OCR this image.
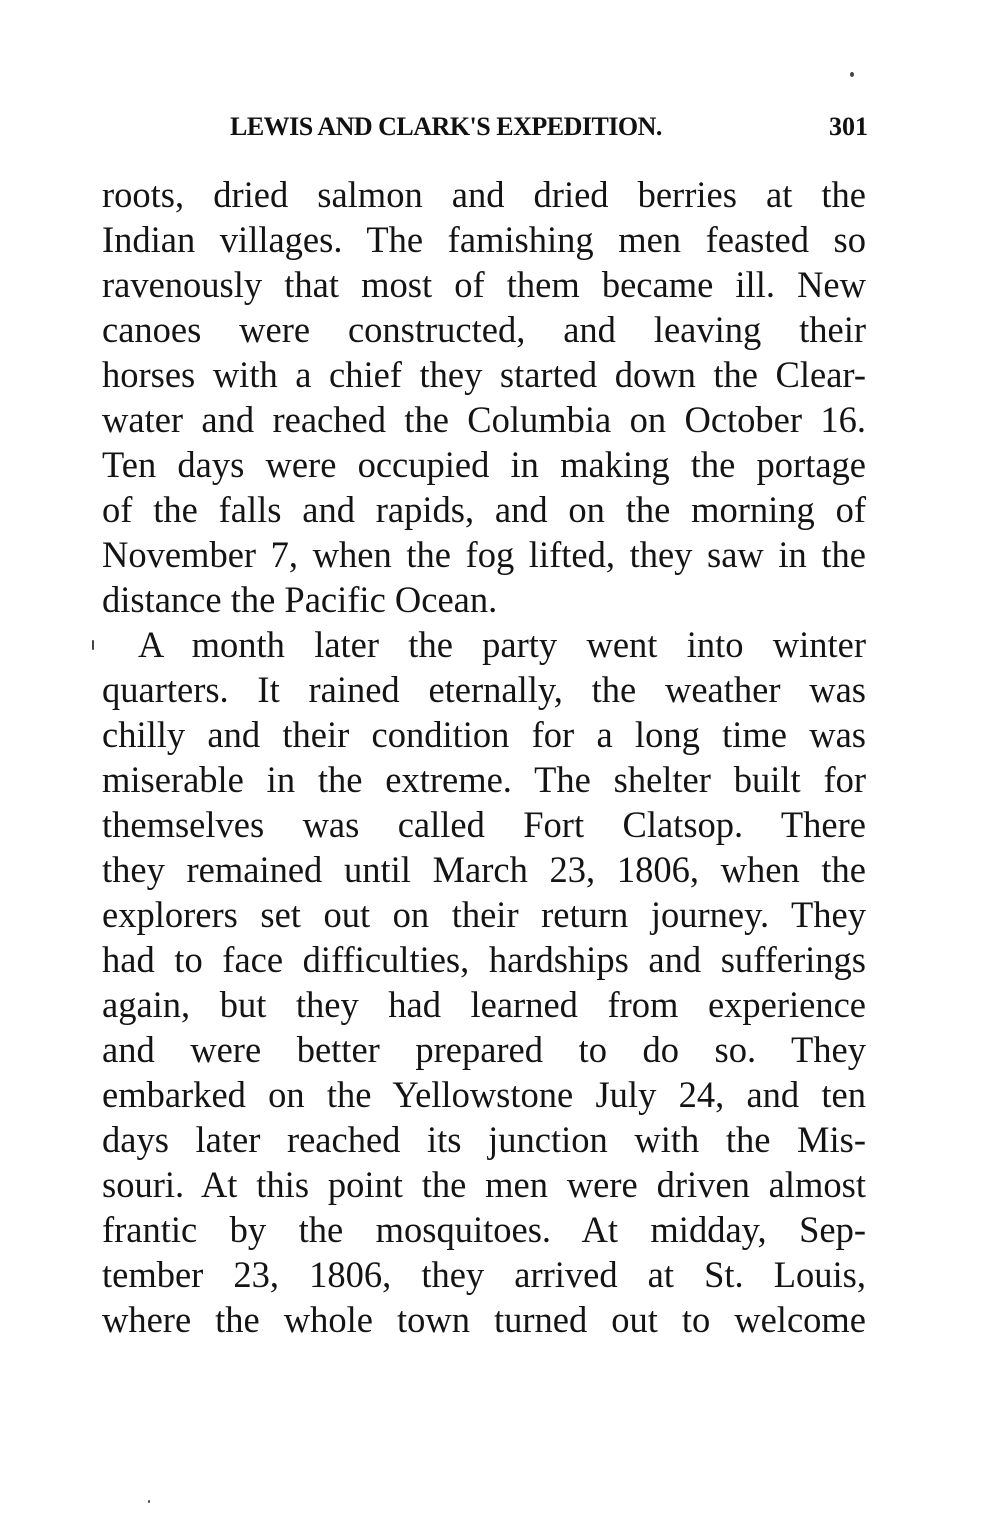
LEWIS AND CLARK'S EXPEDITION.	301
roots, dried salmon and dried berries at the
Indian villages. The famishing men feasted so
ravenously that most of them became ill. New
canoes were constructed, and leaving their
horses with a chief they started down the Clear-
water and reached the Columbia on October 16.
Ten days were occupied in making the portage
of the falls and rapids, and on the morning of
November 7, when the fog lifted, they saw in the
distance the Pacific Ocean.
A month later the party went into winter
quarters. It rained eternally, the weather was
chilly and their condition for a long time was
miserable in the extreme. The shelter built for
themselves was called Fort Clatsop. There
they remained until March 23, 1806, when the
explorers set out on their return journey. They
had to face difficulties, hardships and sufferings
again, but they had learned from experience
and were better prepared to do so. They
embarked on the Yellowstone July 24, and ten
days later reached its junction with the Mis-
souri. At this point the men were driven almost
frantic by the mosquitoes. At midday, Sep-
tember 23, 1806, they arrived at St. Louis,
where the whole town turned out to welcome
